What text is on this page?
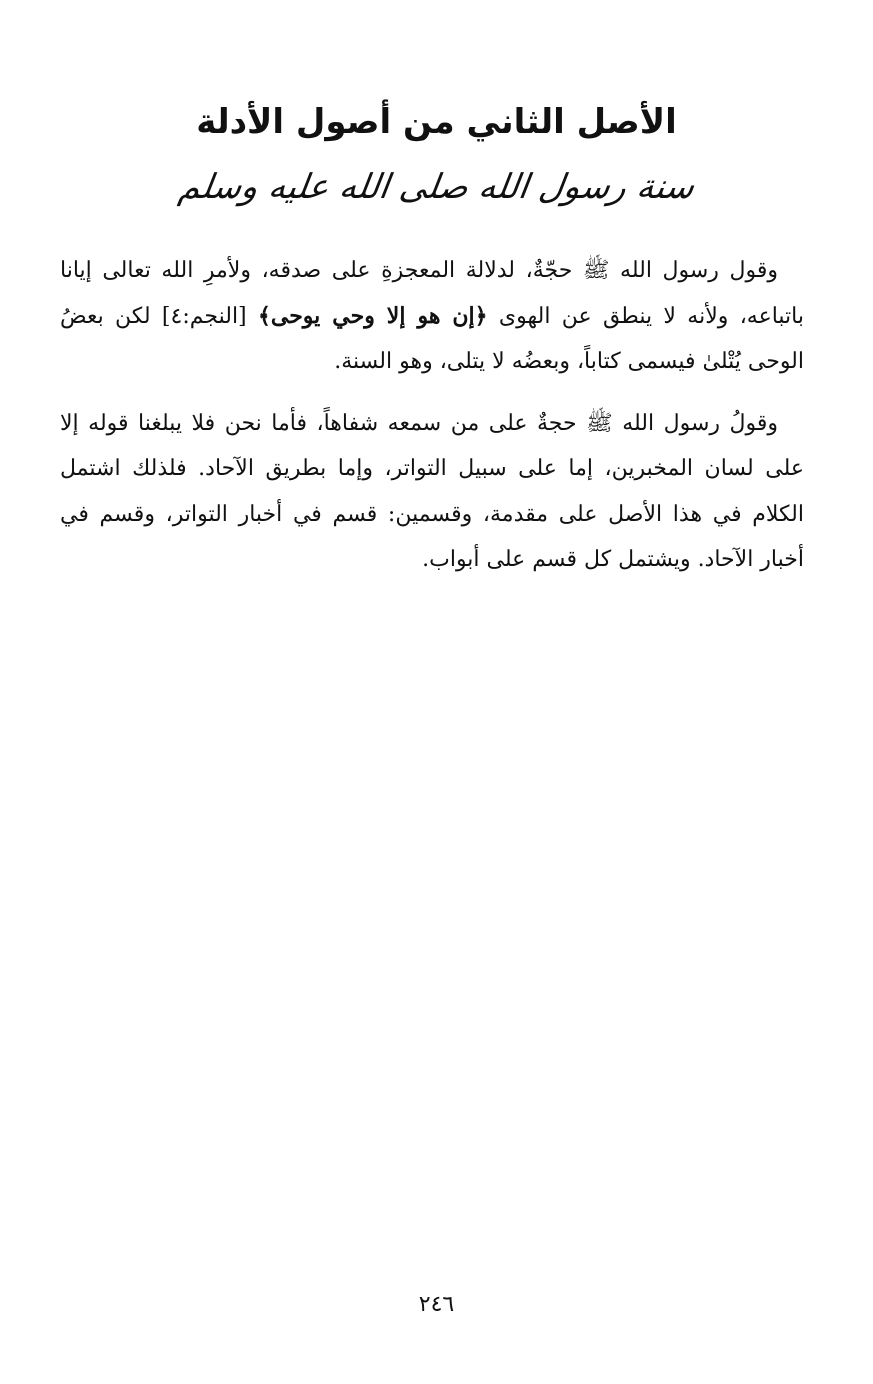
الأصل الثاني من أصول الأدلة
سنة رسول الله صلى الله عليه وسلم

وقول رسول الله ﷺ حجّةٌ، لدلالة المعجزةِ على صدقه، ولأمرِ الله تعالى إيانا باتباعه، ولأنه لا ينطق عن الهوى ﴿إن هو إلا وحي يوحى﴾ [النجم:٤] لكن بعضُ الوحى يُتْلىٰ فيسمى كتاباً، وبعضُه لا يتلى، وهو السنة.

وقولُ رسول الله ﷺ حجةٌ على من سمعه شفاهاً، فأما نحن فلا يبلغنا قوله إلا على لسان المخبرين، إما على سبيل التواتر، وإما بطريق الآحاد. فلذلك اشتمل الكلام في هذا الأصل على مقدمة، وقسمين: قسم في أخبار التواتر، وقسم في أخبار الآحاد. ويشتمل كل قسم على أبواب.

٢٤٦
